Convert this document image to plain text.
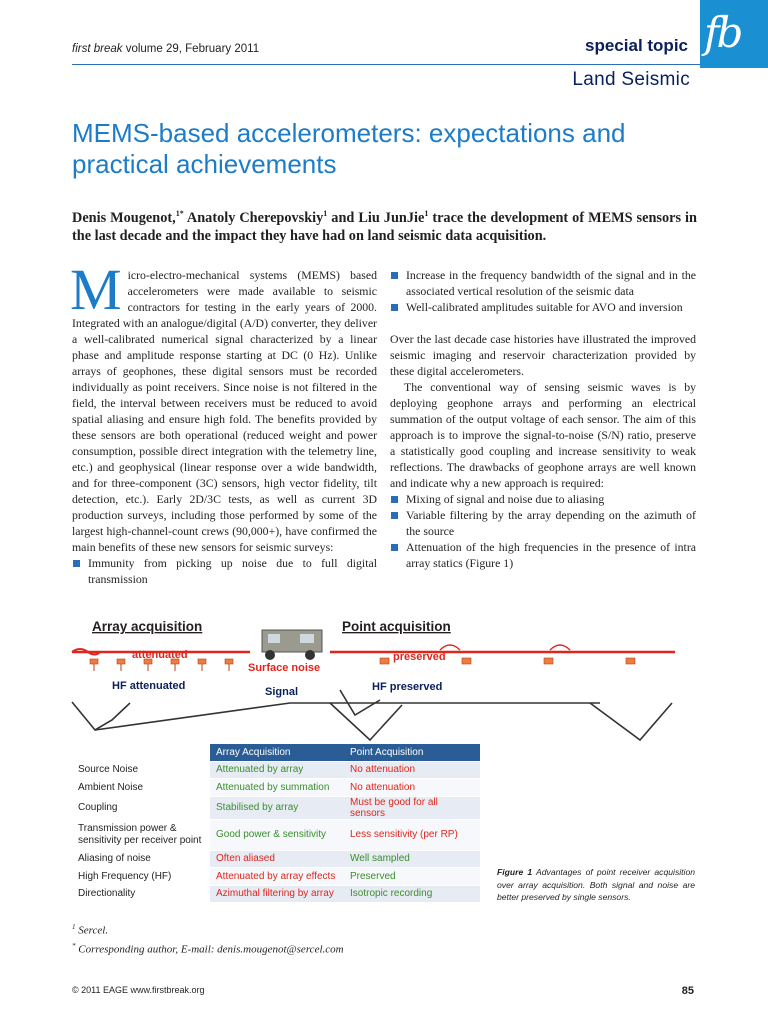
first break volume 29, February 2011	special topic
Land Seismic
fb
MEMS-based accelerometers: expectations and practical achievements
Denis Mougenot,$^{1*}$ Anatoly Cherepovskiy$^1$ and Liu JunJie$^1$ trace the development of MEMS sensors in the last decade and the impact they have had on land seismic data acquisition.
M icro-electro-mechanical systems (MEMS) based accelerometers were made available to seismic contractors for testing in the early years of 2000. Integrated with an analogue/digital (A/D) converter, they deliver a well-calibrated numerical signal characterized by a linear phase and amplitude response starting at DC (0 Hz). Unlike arrays of geophones, these digital sensors must be recorded individually as point receivers. Since noise is not filtered in the field, the interval between receivers must be reduced to avoid spatial aliasing and ensure high fold. The benefits provided by these sensors are both operational (reduced weight and power consumption, possible direct integration with the telemetry line, etc.) and geophysical (linear response over a wide bandwidth, and for three-component (3C) sensors, high vector fidelity, tilt detection, etc.). Early 2D/3C tests, as well as current 3D production surveys, including those performed by some of the largest high-channel-count crews (90,000+), have confirmed the main benefits of these new sensors for seismic surveys:

Immunity from picking up noise due to full digital transmission
Increase in the frequency bandwidth of the signal and in the associated vertical resolution of the seismic data
Well-calibrated amplitudes suitable for AVO and inversion

Over the last decade case histories have illustrated the improved seismic imaging and reservoir characterization provided by these digital accelerometers.

The conventional way of sensing seismic waves is by deploying geophone arrays and performing an electrical summation of the output voltage of each sensor. The aim of this approach is to improve the signal-to-noise (S/N) ratio, preserve a statistically good coupling and increase sensitivity to weak reflections. The drawbacks of geophone arrays are well known and indicate why a new approach is required:

Mixing of signal and noise due to aliasing
Variable filtering by the array depending on the azimuth of the source
Attenuation of the high frequencies in the presence of intra array statics (Figure 1)
Array acquisition	Point acquisition
attenuated	preserved
Surface noise
HF attenuated	HF preserved
Signal
	Array Acquisition	Point Acquisition
Source Noise	Attenuated by array	No attenuation
Ambient Noise	Attenuated by summation	No attenuation
Coupling	Stabilised by array	Must be good for all sensors
Transmission power & sensitivity per receiver point	Good power & sensitivity	Less sensitivity (per RP)
Aliasing of noise	Often aliased	Well sampled
High Frequency (HF)	Attenuated by array effects	Preserved
Directionality	Azimuthal filtering by array	Isotropic recording
Figure 1 Advantages of point receiver acquisition over array acquisition. Both signal and noise are better preserved by single sensors.
$^1$ Sercel.
* Corresponding author, E-mail: denis.mougenot@sercel.com
© 2011 EAGE www.firstbreak.org	85
